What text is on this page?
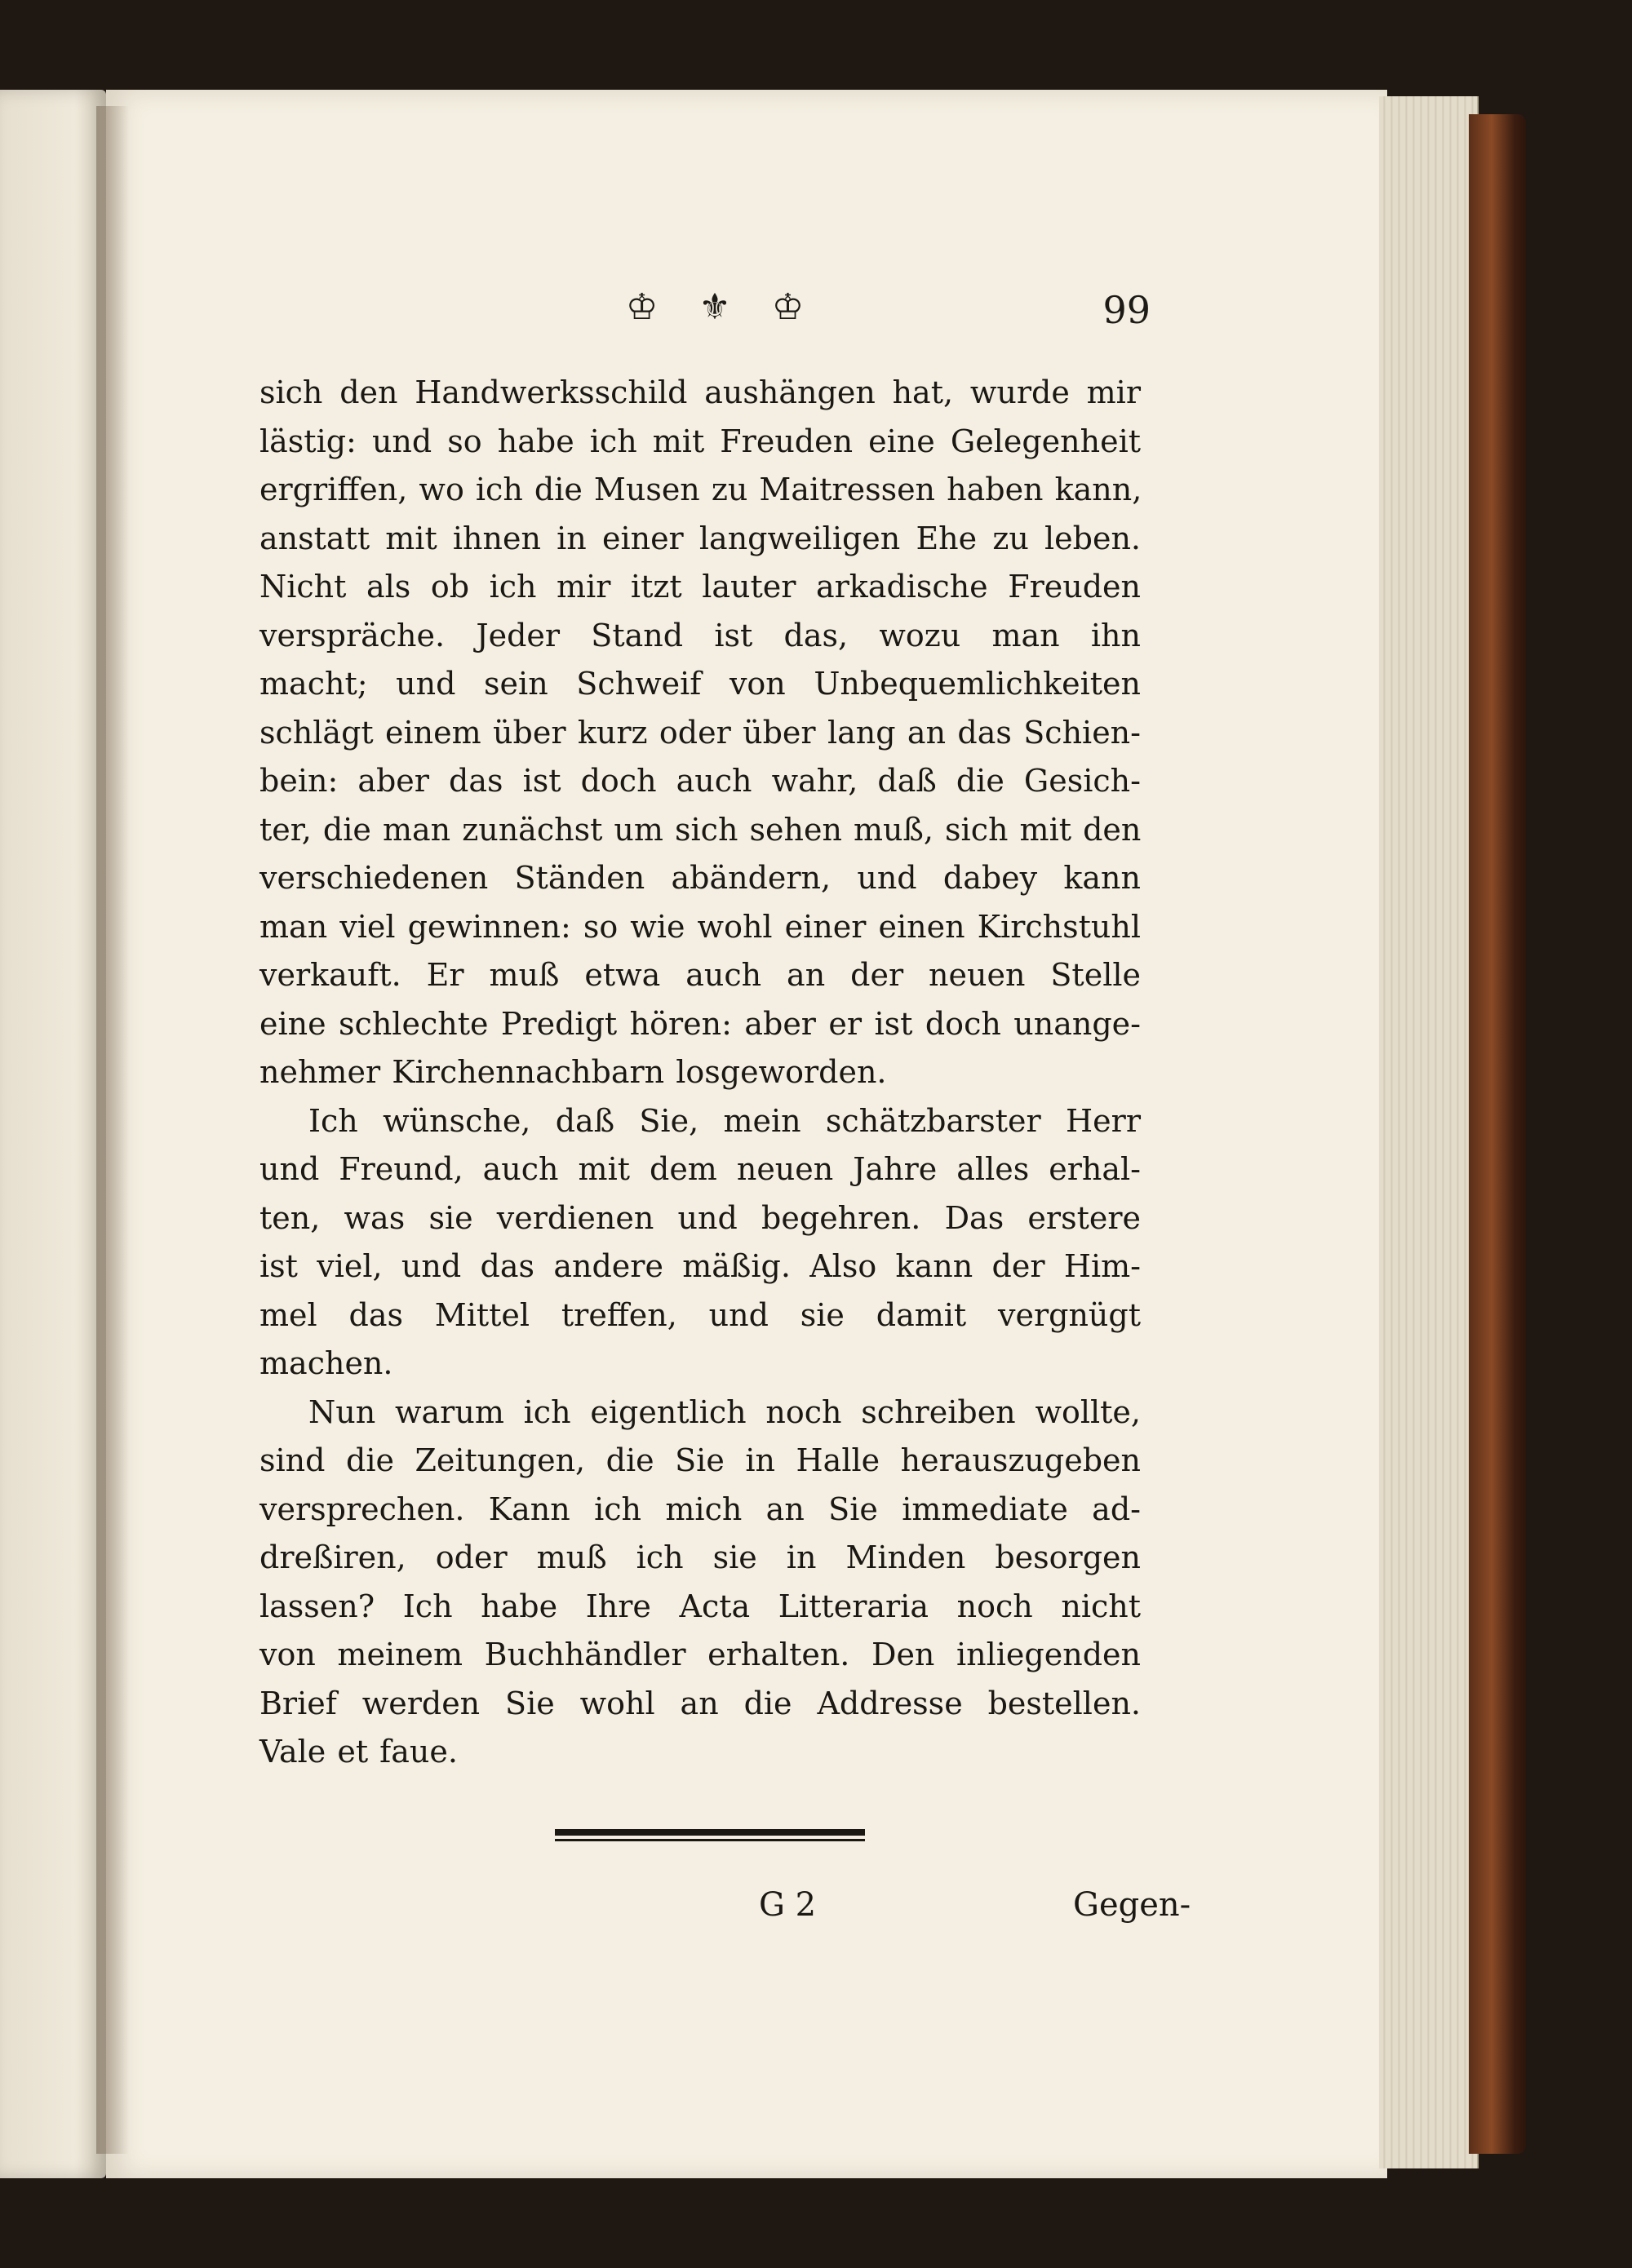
♔ ⚜ ♔	99
sich den Handwerksschild aushängen hat, wurde mir
lästig: und so habe ich mit Freuden eine Gelegenheit
ergriffen, wo ich die Musen zu Maitressen haben kann,
anstatt mit ihnen in einer langweiligen Ehe zu leben.
Nicht als ob ich mir itzt lauter arkadische Freuden
verspräche. Jeder Stand ist das, wozu man ihn
macht; und sein Schweif von Unbequemlichkeiten
schlägt einem über kurz oder über lang an das Schien-
bein: aber das ist doch auch wahr, daß die Gesich-
ter, die man zunächst um sich sehen muß, sich mit den
verschiedenen Ständen abändern, und dabey kann
man viel gewinnen: so wie wohl einer einen Kirchstuhl
verkauft. Er muß etwa auch an der neuen Stelle
eine schlechte Predigt hören: aber er ist doch unange-
nehmer Kirchennachbarn losgeworden.
Ich wünsche, daß Sie, mein schätzbarster Herr
und Freund, auch mit dem neuen Jahre alles erhal-
ten, was sie verdienen und begehren. Das erstere
ist viel, und das andere mäßig. Also kann der Him-
mel das Mittel treffen, und sie damit vergnügt
machen.
Nun warum ich eigentlich noch schreiben wollte,
sind die Zeitungen, die Sie in Halle herauszugeben
versprechen. Kann ich mich an Sie immediate ad-
dreßiren, oder muß ich sie in Minden besorgen
lassen? Ich habe Ihre Acta Litteraria noch nicht
von meinem Buchhändler erhalten. Den inliegenden
Brief werden Sie wohl an die Addresse bestellen.
Vale et faue.
G 2	Gegen-
